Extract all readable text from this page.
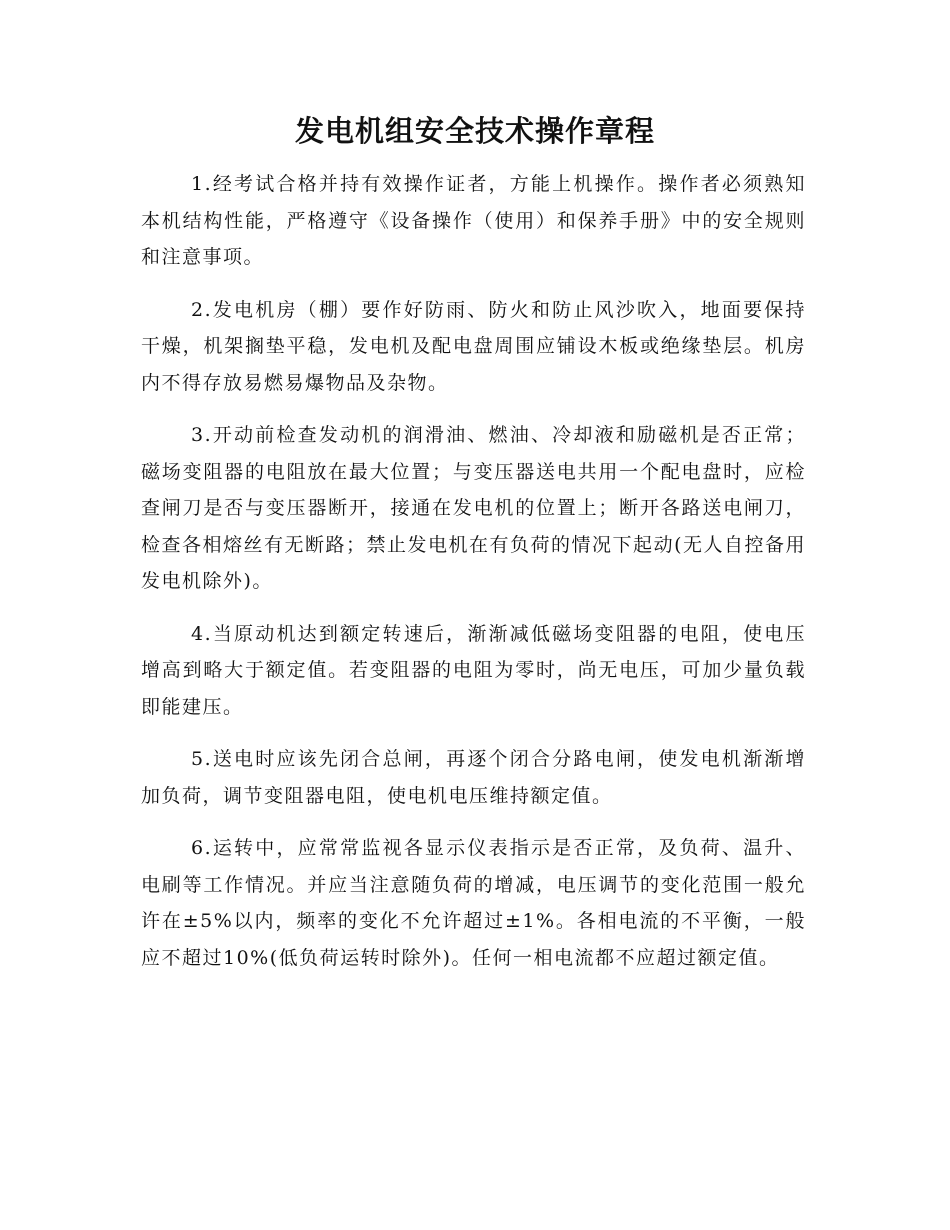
发电机组安全技术操作章程

1.经考试合格并持有效操作证者，方能上机操作。操作者必须熟知本机结构性能，严格遵守《设备操作（使用）和保养手册》中的安全规则和注意事项。

2.发电机房（棚）要作好防雨、防火和防止风沙吹入，地面要保持干燥，机架搁垫平稳，发电机及配电盘周围应铺设木板或绝缘垫层。机房内不得存放易燃易爆物品及杂物。

3.开动前检查发动机的润滑油、燃油、冷却液和励磁机是否正常；磁场变阻器的电阻放在最大位置；与变压器送电共用一个配电盘时，应检查闸刀是否与变压器断开，接通在发电机的位置上；断开各路送电闸刀，检查各相熔丝有无断路；禁止发电机在有负荷的情况下起动(无人自控备用发电机除外)。

4.当原动机达到额定转速后，渐渐减低磁场变阻器的电阻，使电压增高到略大于额定值。若变阻器的电阻为零时，尚无电压，可加少量负载即能建压。

5.送电时应该先闭合总闸，再逐个闭合分路电闸，使发电机渐渐增加负荷，调节变阻器电阻，使电机电压维持额定值。

6.运转中，应常常监视各显示仪表指示是否正常，及负荷、温升、电刷等工作情况。并应当注意随负荷的增减，电压调节的变化范围一般允许在±5%以内，频率的变化不允许超过±1%。各相电流的不平衡，一般应不超过10%(低负荷运转时除外)。任何一相电流都不应超过额定值。
